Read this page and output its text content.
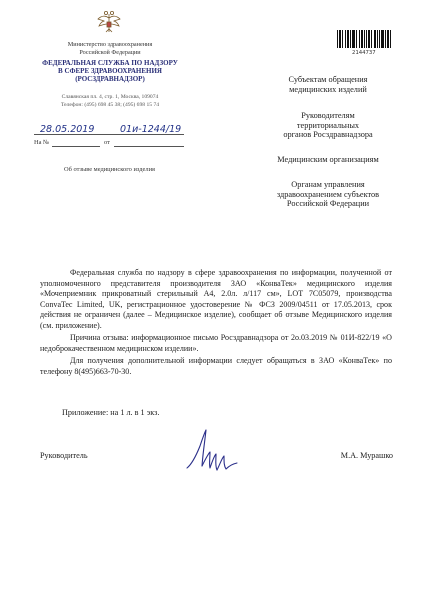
Министерство здравоохранения
Российской Федерации
ФЕДЕРАЛЬНАЯ СЛУЖБА ПО НАДЗОРУ
В СФЕРЕ ЗДРАВООХРАНЕНИЯ
(РОСЗДРАВНАДЗОР)
Славянская пл. 4, стр. 1, Москва, 109074
Телефон: (495) 698 45 38; (495) 698 15 74
28.05.2019	01и-1244/19
На №	от
Об отзыве медицинского изделия
2144737
Субъектам обращения
медицинских изделий
Руководителям
территориальных
органов Росздравнадзора
Медицинским организациям
Органам управления
здравоохранением субъектов
Российской Федерации

Федеральная служба по надзору в сфере здравоохранения по информации, полученной от уполномоченного представителя производителя ЗАО «КонваТек» медицинского изделия «Мочеприемник прикроватный стерильный A4, 2.0л. л/117 см», LOT 7C05079, производства ConvaTec Limited, UK, регистрационное удостоверение № ФСЗ 2009/04511 от 17.05.2013, срок действия не ограничен (далее – Медицинское изделие), сообщает об отзыве Медицинского изделия (см. приложение).

Причина отзыва: информационное письмо Росздравнадзора от 2о.03.2019 № 01И-822/19 «О недоброкачественном медицинском изделии».

Для получения дополнительной информации следует обращаться в ЗАО «КонваТек» по телефону 8(495)663-70-30.

Приложение: на 1 л. в 1 экз.
Руководитель	М.А. Мурашко
